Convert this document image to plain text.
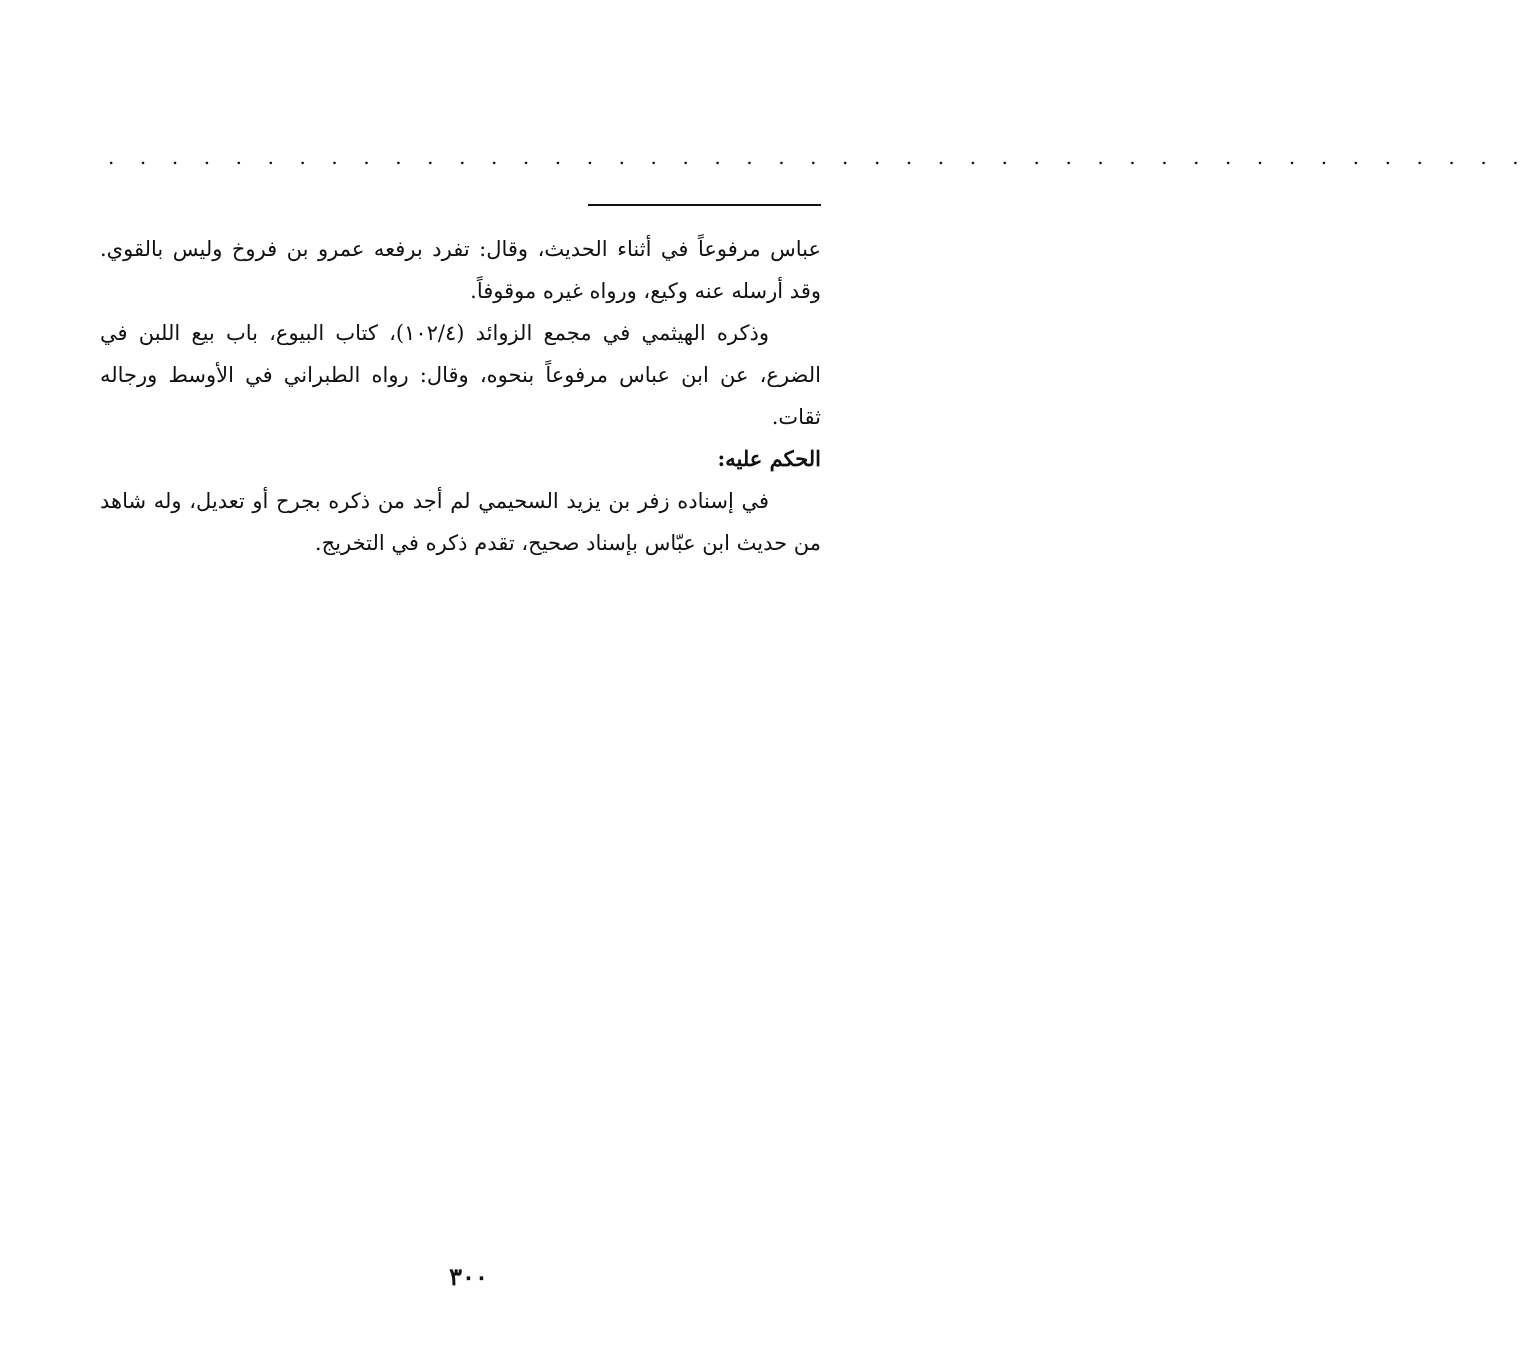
. . . . . . . . . . . . . . . . . . . . . . . . . . . . . . . . . . . . . . . . . . . . .

عباس مرفوعاً في أثناء الحديث، وقال: تفرد برفعه عمرو بن فروخ وليس بالقوي. وقد أرسله عنه وكيع، ورواه غيره موقوفاً.

وذكره الهيثمي في مجمع الزوائد (١٠٢/٤)، كتاب البيوع، باب بيع اللبن في الضرع، عن ابن عباس مرفوعاً بنحوه، وقال: رواه الطبراني في الأوسط ورجاله ثقات.

الحكم عليه:

في إسناده زفر بن يزيد السحيمي لم أجد من ذكره بجرح أو تعديل، وله شاهد من حديث ابن عبّاس بإسناد صحيح، تقدم ذكره في التخريج.

٣٠٠
